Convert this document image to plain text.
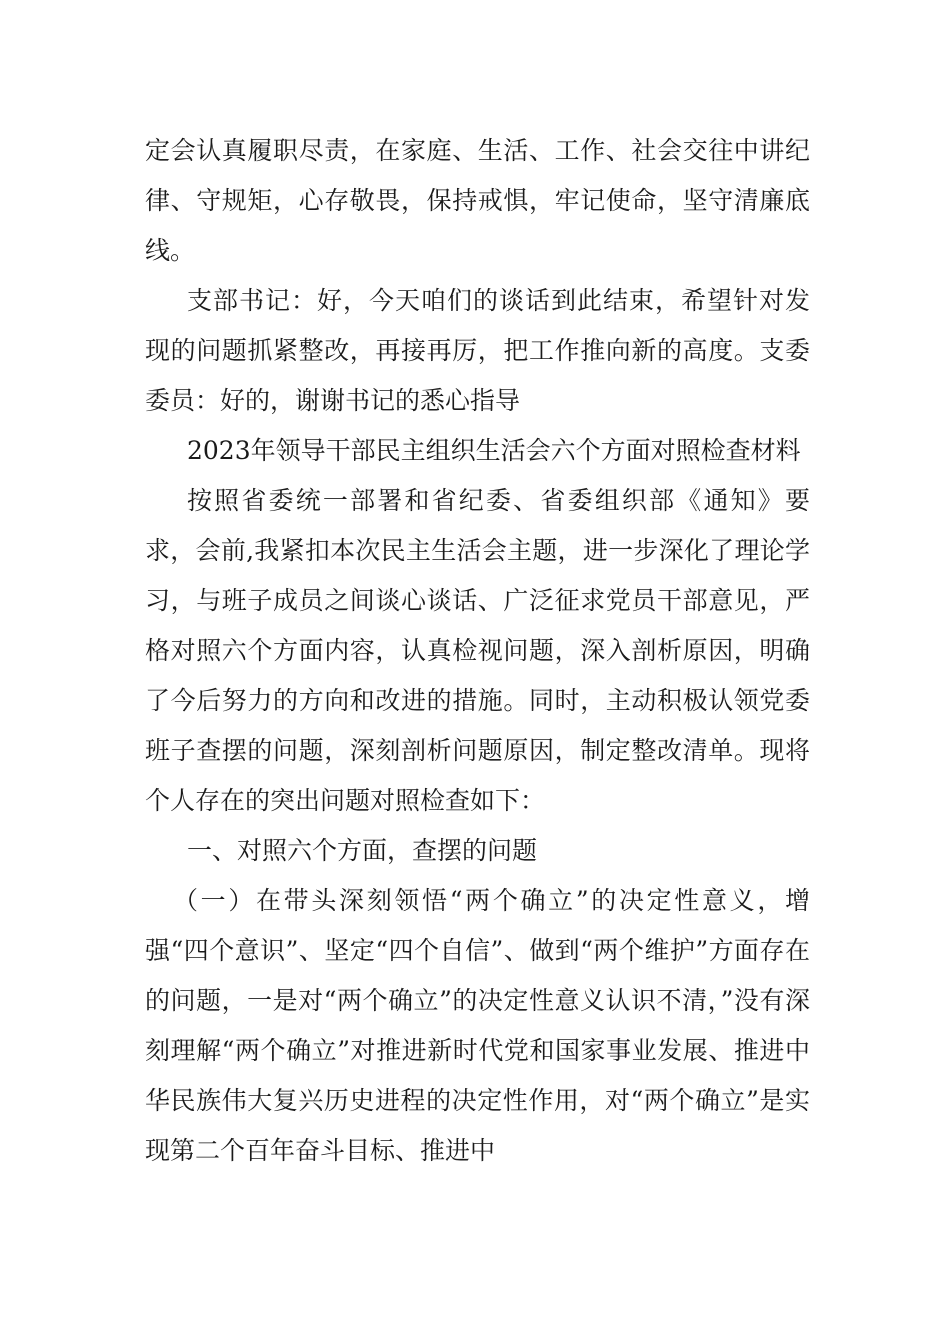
定会认真履职尽责，在家庭、生活、工作、社会交往中讲纪律、守规矩，心存敬畏，保持戒惧，牢记使命，坚守清廉底线。

支部书记：好，今天咱们的谈话到此结束，希望针对发现的问题抓紧整改，再接再厉，把工作推向新的高度。支委委员：好的，谢谢书记的悉心指导

2023年领导干部民主组织生活会六个方面对照检查材料

按照省委统一部署和省纪委、省委组织部《通知》要求，会前,我紧扣本次民主生活会主题，进一步深化了理论学习，与班子成员之间谈心谈话、广泛征求党员干部意见，严格对照六个方面内容，认真检视问题，深入剖析原因，明确了今后努力的方向和改进的措施。同时，主动积极认领党委班子查摆的问题，深刻剖析问题原因，制定整改清单。现将个人存在的突出问题对照检查如下：

一、对照六个方面，查摆的问题

（一）在带头深刻领悟“两个确立”的决定性意义，增强“四个意识”、坚定“四个自信”、做到“两个维护”方面存在的问题，一是对“两个确立”的决定性意义认识不清，”没有深刻理解“两个确立”对推进新时代党和国家事业发展、推进中华民族伟大复兴历史进程的决定性作用，对“两个确立”是实现第二个百年奋斗目标、推进中
